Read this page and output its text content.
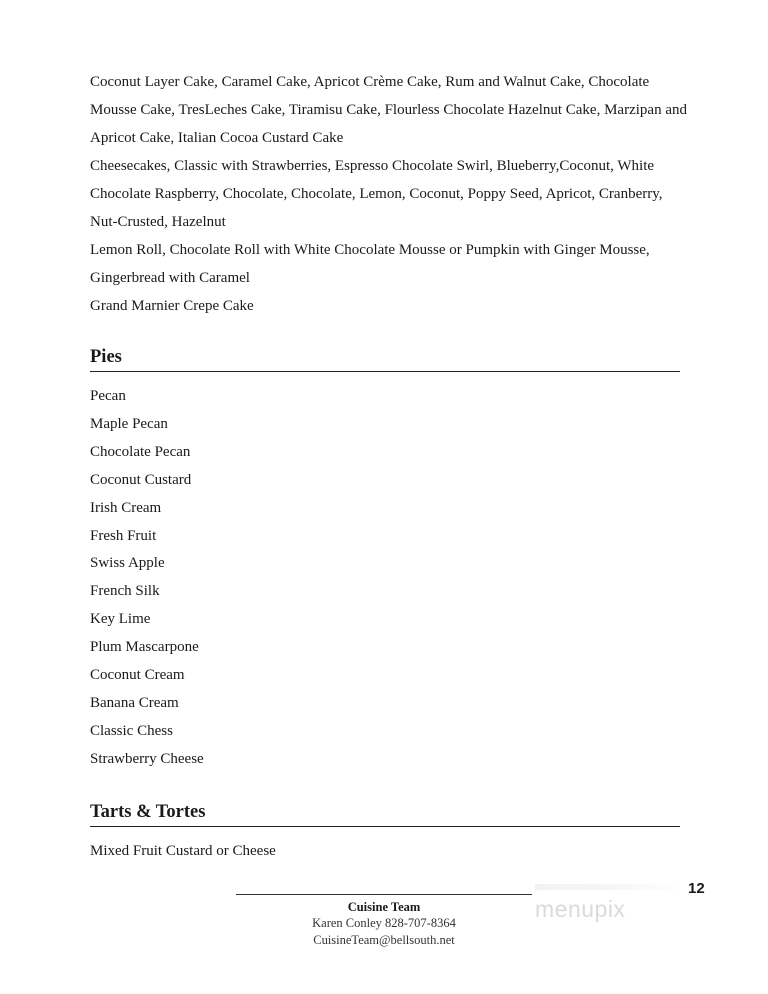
Coconut Layer Cake, Caramel Cake, Apricot Crème Cake, Rum and Walnut Cake, Chocolate Mousse Cake, TresLeches Cake, Tiramisu Cake, Flourless Chocolate Hazelnut Cake, Marzipan and Apricot Cake, Italian Cocoa Custard Cake

Cheesecakes, Classic with Strawberries, Espresso Chocolate Swirl, Blueberry,Coconut, White Chocolate Raspberry, Chocolate, Chocolate, Lemon, Coconut, Poppy Seed, Apricot, Cranberry, Nut-Crusted, Hazelnut

Lemon Roll, Chocolate Roll with White Chocolate Mousse or Pumpkin with Ginger Mousse, Gingerbread with Caramel

Grand Marnier Crepe Cake

Pies
Pecan
Maple Pecan
Chocolate Pecan
Coconut Custard
Irish Cream
Fresh Fruit
Swiss Apple
French Silk
Key Lime
Plum Mascarpone
Coconut Cream
Banana Cream
Classic Chess
Strawberry Cheese
Tarts & Tortes
Mixed Fruit Custard or Cheese
12
Cuisine Team
Karen Conley 828-707-8364
CuisineTeam@bellsouth.net
menupix
